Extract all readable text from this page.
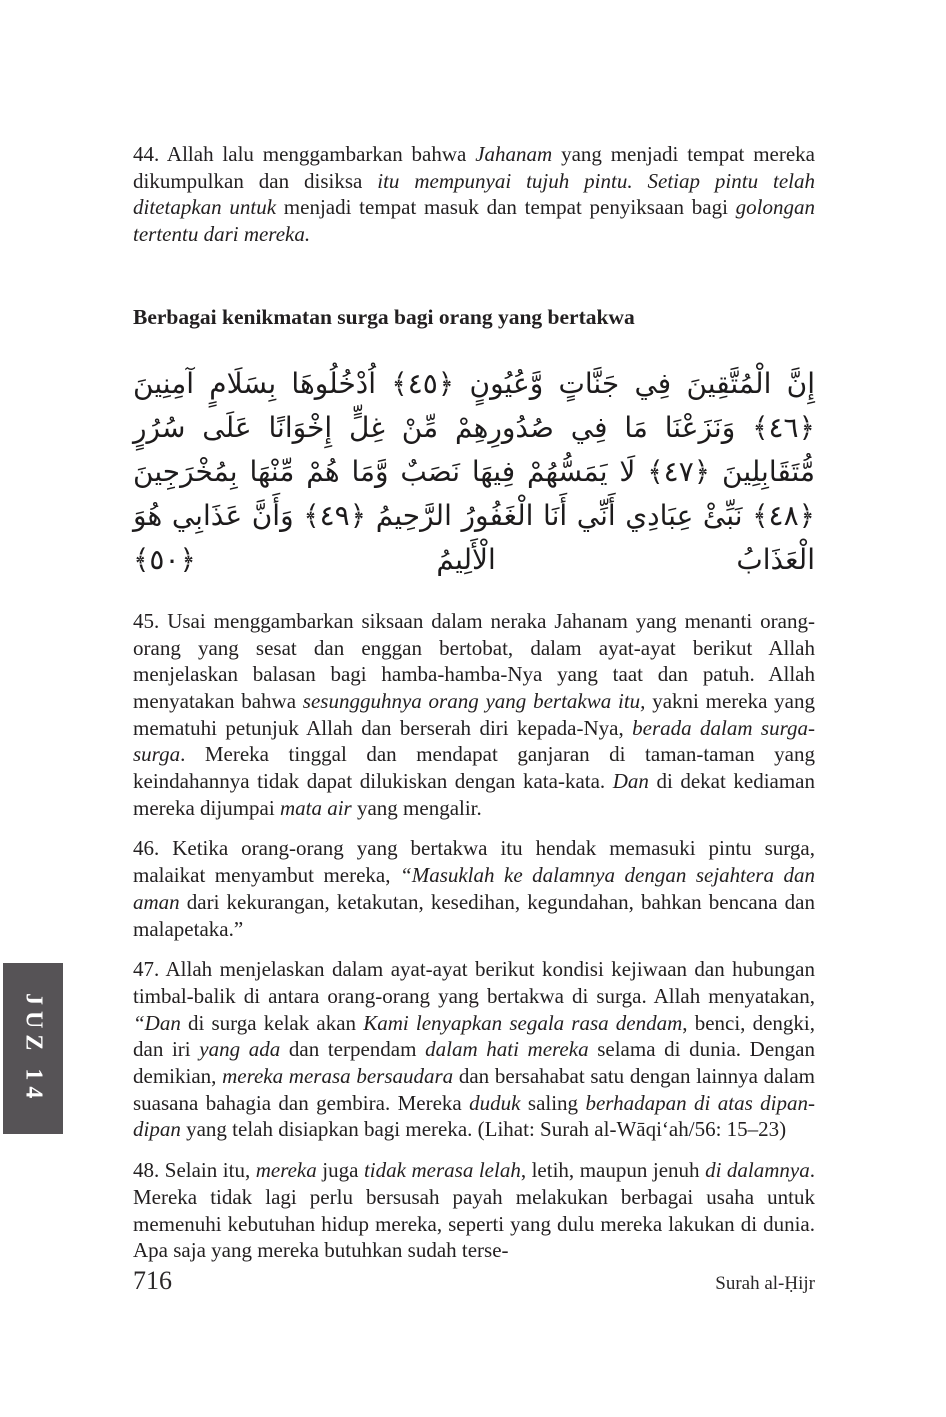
44. Allah lalu menggambarkan bahwa Jahanam yang menjadi tempat mereka dikumpulkan dan disiksa itu mempunyai tujuh pintu. Setiap pintu telah ditetapkan untuk menjadi tempat masuk dan tempat penyiksaan bagi golongan tertentu dari mereka.

Berbagai kenikmatan surga bagi orang yang bertakwa
إِنَّ الْمُتَّقِينَ فِي جَنَّاتٍ وَّعُيُونٍ ﴿٤٥﴾ اُدْخُلُوهَا بِسَلَامٍ آمِنِينَ ﴿٤٦﴾ وَنَزَعْنَا مَا فِي صُدُورِهِمْ مِّنْ غِلٍّ إِخْوَانًا عَلَى سُرُرٍ مُّتَقَابِلِينَ ﴿٤٧﴾ لَا يَمَسُّهُمْ فِيهَا نَصَبٌ وَّمَا هُمْ مِّنْهَا بِمُخْرَجِينَ ﴿٤٨﴾ نَبِّئْ عِبَادِي أَنِّي أَنَا الْغَفُورُ الرَّحِيمُ ﴿٤٩﴾ وَأَنَّ عَذَابِي هُوَ الْعَذَابُ الْأَلِيمُ ﴿٥٠﴾

45. Usai menggambarkan siksaan dalam neraka Jahanam yang menanti orang-orang yang sesat dan enggan bertobat, dalam ayat-ayat berikut Allah menjelaskan balasan bagi hamba-hamba-Nya yang taat dan patuh. Allah menyatakan bahwa sesungguhnya orang yang bertakwa itu, yakni mereka yang mematuhi petunjuk Allah dan berserah diri kepada-Nya, berada dalam surga-surga. Mereka tinggal dan mendapat ganjaran di taman-taman yang keindahannya tidak dapat dilukiskan dengan kata-kata. Dan di dekat kediaman mereka dijumpai mata air yang mengalir.

46. Ketika orang-orang yang bertakwa itu hendak memasuki pintu surga, malaikat menyambut mereka, “Masuklah ke dalamnya dengan sejahtera dan aman dari kekurangan, ketakutan, kesedihan, kegundahan, bahkan bencana dan malapetaka.”

47. Allah menjelaskan dalam ayat-ayat berikut kondisi kejiwaan dan hubungan timbal-balik di antara orang-orang yang bertakwa di surga. Allah menyatakan, “Dan di surga kelak akan Kami lenyapkan segala rasa dendam, benci, dengki, dan iri yang ada dan terpendam dalam hati mereka selama di dunia. Dengan demikian, mereka merasa bersaudara dan bersahabat satu dengan lainnya dalam suasana bahagia dan gembira. Mereka duduk saling berhadapan di atas dipan-dipan yang telah disiapkan bagi mereka. (Lihat: Surah al-Wāqi‘ah/56: 15–23)

48. Selain itu, mereka juga tidak merasa lelah, letih, maupun jenuh di dalamnya. Mereka tidak lagi perlu bersusah payah melakukan berbagai usaha untuk memenuhi kebutuhan hidup mereka, seperti yang dulu mereka lakukan di dunia. Apa saja yang mereka butuhkan sudah terse-

JUZ 14
716	Surah al-Ḥijr
